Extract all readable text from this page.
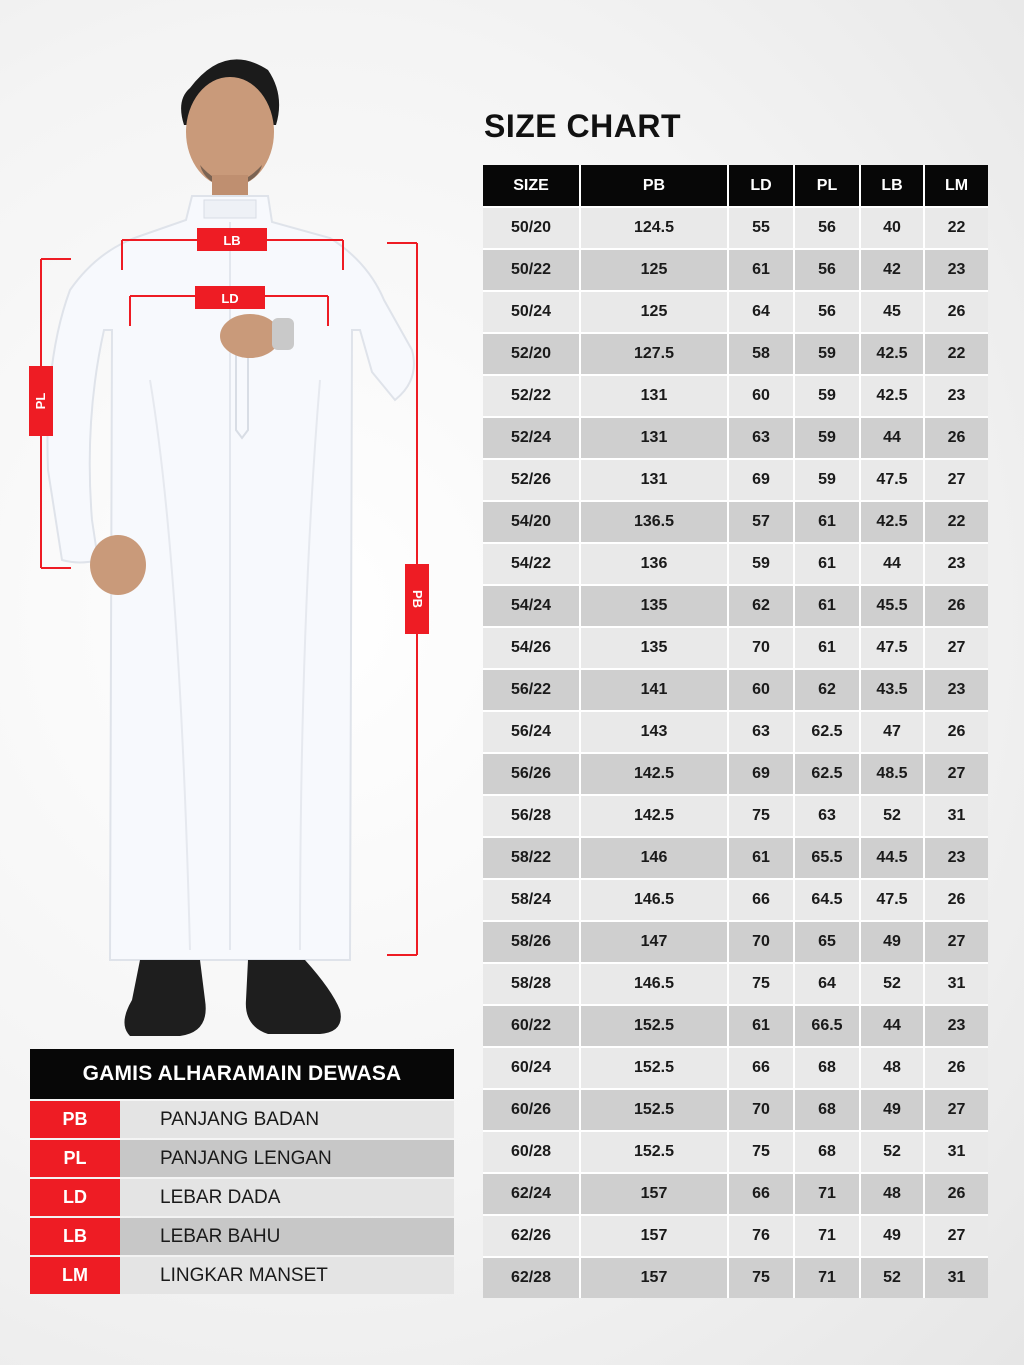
SIZE CHART
LB
LD
PL
PB
SIZE	PB	LD	PL	LB	LM
50/20	124.5	55	56	40	22
50/22	125	61	56	42	23
50/24	125	64	56	45	26
52/20	127.5	58	59	42.5	22
52/22	131	60	59	42.5	23
52/24	131	63	59	44	26
52/26	131	69	59	47.5	27
54/20	136.5	57	61	42.5	22
54/22	136	59	61	44	23
54/24	135	62	61	45.5	26
54/26	135	70	61	47.5	27
56/22	141	60	62	43.5	23
56/24	143	63	62.5	47	26
56/26	142.5	69	62.5	48.5	27
56/28	142.5	75	63	52	31
58/22	146	61	65.5	44.5	23
58/24	146.5	66	64.5	47.5	26
58/26	147	70	65	49	27
58/28	146.5	75	64	52	31
60/22	152.5	61	66.5	44	23
60/24	152.5	66	68	48	26
60/26	152.5	70	68	49	27
60/28	152.5	75	68	52	31
62/24	157	66	71	48	26
62/26	157	76	71	49	27
62/28	157	75	71	52	31
GAMIS ALHARAMAIN DEWASA
PB	PANJANG BADAN
PL	PANJANG LENGAN
LD	LEBAR DADA
LB	LEBAR BAHU
LM	LINGKAR MANSET
